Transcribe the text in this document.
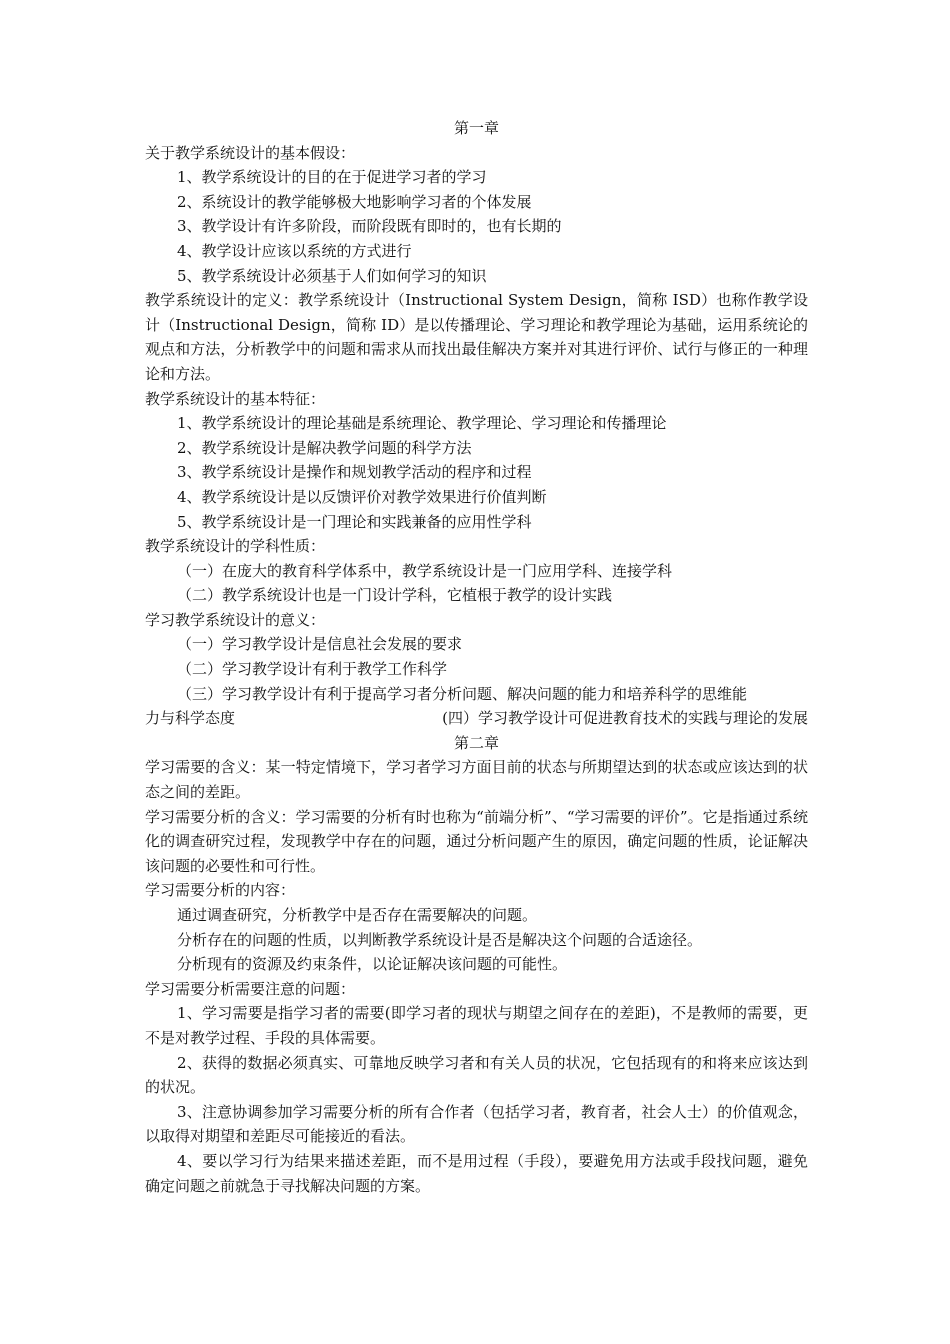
第一章

关于教学系统设计的基本假设：

1、教学系统设计的目的在于促进学习者的学习

2、系统设计的教学能够极大地影响学习者的个体发展

3、教学设计有许多阶段，而阶段既有即时的，也有长期的

4、教学设计应该以系统的方式进行

5、教学系统设计必须基于人们如何学习的知识

教学系统设计的定义：教学系统设计（Instructional System Design，简称 ISD）也称作教学设计（Instructional Design，简称 ID）是以传播理论、学习理论和教学理论为基础，运用系统论的观点和方法，分析教学中的问题和需求从而找出最佳解决方案并对其进行评价、试行与修正的一种理论和方法。

教学系统设计的基本特征：

1、教学系统设计的理论基础是系统理论、教学理论、学习理论和传播理论

2、教学系统设计是解决教学问题的科学方法

3、教学系统设计是操作和规划教学活动的程序和过程

4、教学系统设计是以反馈评价对教学效果进行价值判断

5、教学系统设计是一门理论和实践兼备的应用性学科

教学系统设计的学科性质：

（一）在庞大的教育科学体系中，教学系统设计是一门应用学科、连接学科

（二）教学系统设计也是一门设计学科，它植根于教学的设计实践

学习教学系统设计的意义：

（一）学习教学设计是信息社会发展的要求

（二）学习教学设计有利于教学工作科学

（三）学习教学设计有利于提高学习者分析问题、解决问题的能力和培养科学的思维能

力与科学态度	(四）学习教学设计可促进教育技术的实践与理论的发展
第二章

学习需要的含义：某一特定情境下，学习者学习方面目前的状态与所期望达到的状态或应该达到的状态之间的差距。

学习需要分析的含义：学习需要的分析有时也称为“前端分析”、“学习需要的评价”。它是指通过系统化的调查研究过程，发现教学中存在的问题，通过分析问题产生的原因，确定问题的性质，论证解决该问题的必要性和可行性。

学习需要分析的内容：

通过调查研究，分析教学中是否存在需要解决的问题。

分析存在的问题的性质，以判断教学系统设计是否是解决这个问题的合适途径。

分析现有的资源及约束条件，以论证解决该问题的可能性。

学习需要分析需要注意的问题：

1、学习需要是指学习者的需要(即学习者的现状与期望之间存在的差距)，不是教师的需要，更不是对教学过程、手段的具体需要。

2、获得的数据必须真实、可靠地反映学习者和有关人员的状况，它包括现有的和将来应该达到的状况。

3、注意协调参加学习需要分析的所有合作者（包括学习者，教育者，社会人士）的价值观念，以取得对期望和差距尽可能接近的看法。

4、要以学习行为结果来描述差距，而不是用过程（手段），要避免用方法或手段找问题，避免确定问题之前就急于寻找解决问题的方案。
